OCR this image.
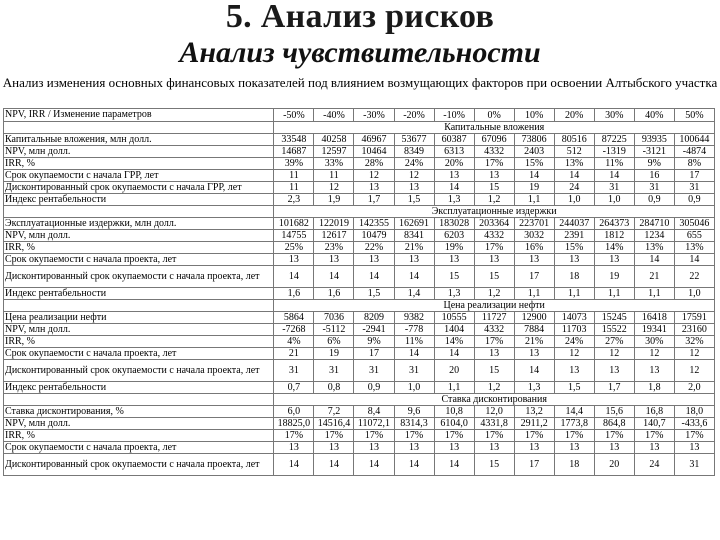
5. Анализ рисков
Анализ чувствительности
Анализ изменения основных финансовых показателей под влиянием возмущающих факторов при освоении Алтыбского участка
NPV, IRR / Изменение параметров	-50%	-40%	-30%	-20%	-10%	0%	10%	20%	30%	40%	50%
	Капитальные вложения										
Капитальные вложения, млн долл.	33548	40258	46967	53677	60387	67096	73806	80516	87225	93935	100644
NPV, млн долл.	14687	12597	10464	8349	6313	4332	2403	512	-1319	-3121	-4874
IRR, %	39%	33%	28%	24%	20%	17%	15%	13%	11%	9%	8%
Срок окупаемости с начала ГРР, лет	11	11	12	12	13	13	14	14	14	16	17
Дисконтированный срок окупаемости с начала ГРР, лет	11	12	13	13	14	15	19	24	31	31	31
Индекс рентабельности	2,3	1,9	1,7	1,5	1,3	1,2	1,1	1,0	1,0	0,9	0,9
	Эксплуатационные издержки										
Эксплуатационные издержки, млн долл.	101682	122019	142355	162691	183028	203364	223701	244037	264373	284710	305046
NPV, млн долл.	14755	12617	10479	8341	6203	4332	3032	2391	1812	1234	655
IRR, %	25%	23%	22%	21%	19%	17%	16%	15%	14%	13%	13%
Срок окупаемости с начала проекта, лет	13	13	13	13	13	13	13	13	13	14	14
Дисконтированный срок окупаемости с начала проекта, лет	14	14	14	14	15	15	17	18	19	21	22
Индекс рентабельности	1,6	1,6	1,5	1,4	1,3	1,2	1,1	1,1	1,1	1,1	1,0
	Цена реализации нефти										
Цена реализации нефти	5864	7036	8209	9382	10555	11727	12900	14073	15245	16418	17591
NPV, млн долл.	-7268	-5112	-2941	-778	1404	4332	7884	11703	15522	19341	23160
IRR, %	4%	6%	9%	11%	14%	17%	21%	24%	27%	30%	32%
Срок окупаемости с начала проекта, лет	21	19	17	14	14	13	13	12	12	12	12
Дисконтированный срок окупаемости с начала проекта, лет	31	31	31	31	20	15	14	13	13	13	12
Индекс рентабельности	0,7	0,8	0,9	1,0	1,1	1,2	1,3	1,5	1,7	1,8	2,0
	Ставка дисконтирования										
Ставка дисконтирования, %	6,0	7,2	8,4	9,6	10,8	12,0	13,2	14,4	15,6	16,8	18,0
NPV, млн долл.	18825,0	14516,4	11072,1	8314,3	6104,0	4331,8	2911,2	1773,8	864,8	140,7	-433,6
IRR, %	17%	17%	17%	17%	17%	17%	17%	17%	17%	17%	17%
Срок окупаемости с начала проекта, лет	13	13	13	13	13	13	13	13	13	13	13
Дисконтированный срок окупаемости с начала проекта, лет	14	14	14	14	14	15	17	18	20	24	31
